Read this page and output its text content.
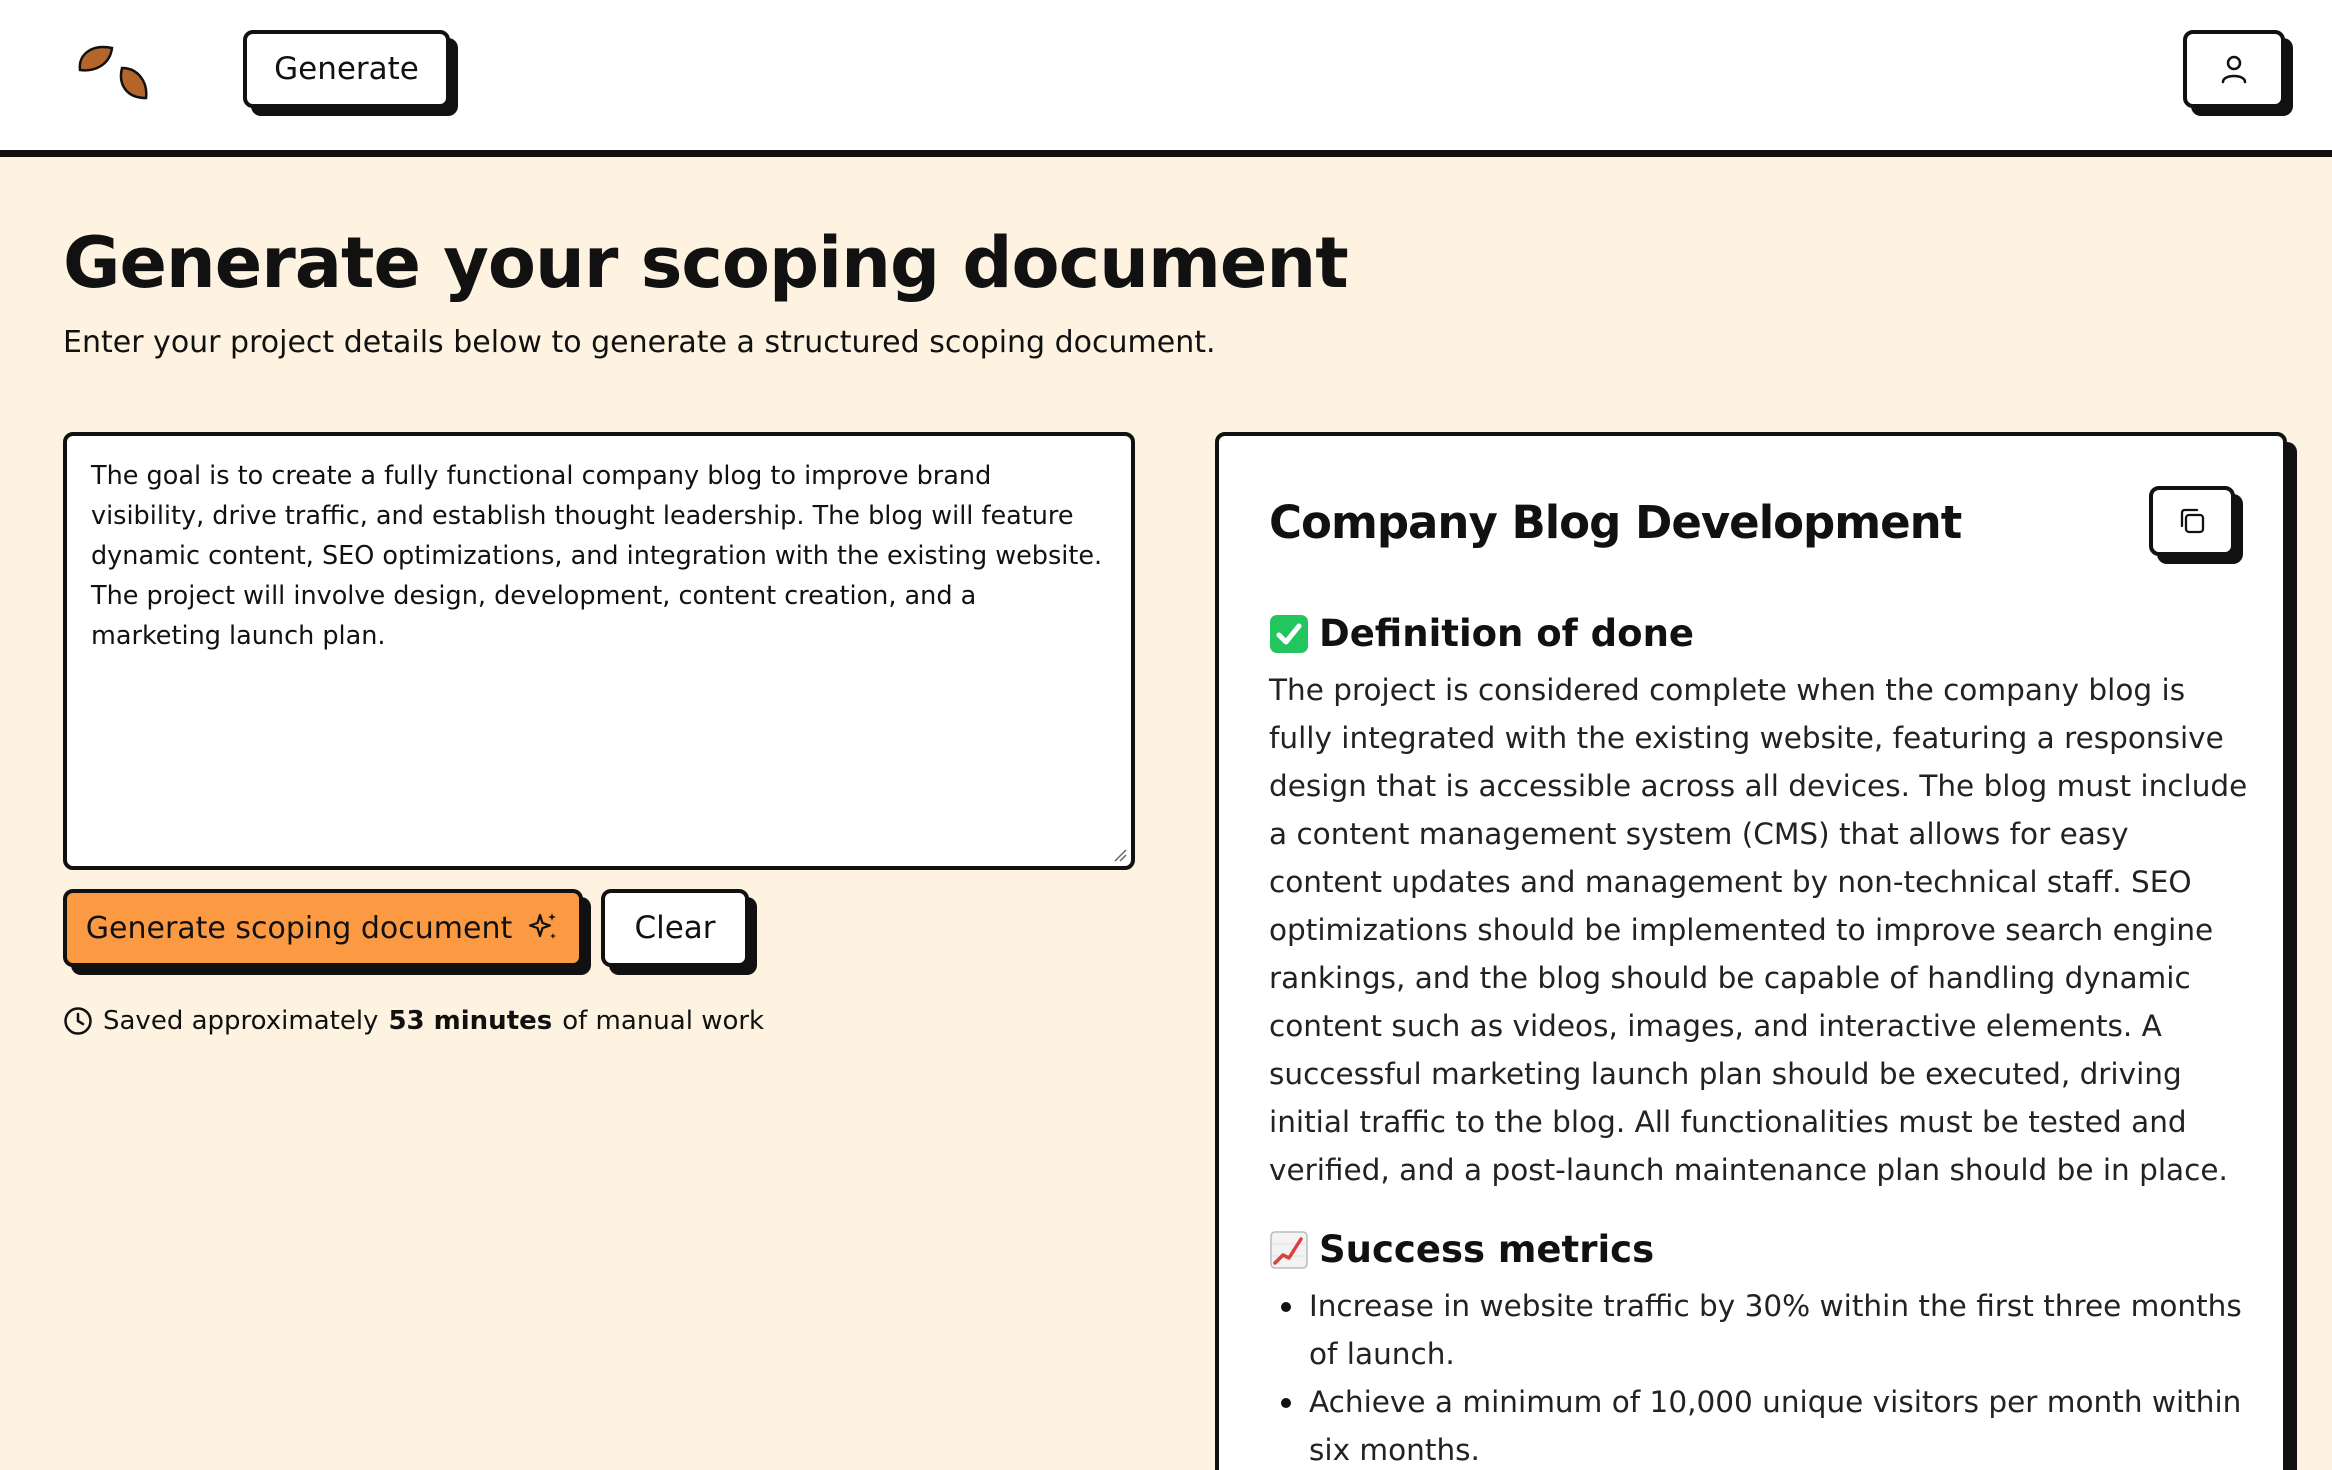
Generate
Generate your scoping document

Enter your project details below to generate a structured scoping document.

The goal is to create a fully functional company blog to improve brand visibility, drive traffic, and establish thought leadership. The blog will feature dynamic content, SEO optimizations, and integration with the existing website. The project will involve design, development, content creation, and a marketing launch plan.
Generate scoping document	Clear
Saved approximately 53 minutes of manual work
Company Blog Development
Definition of done

The project is considered complete when the company blog is fully integrated with the existing website, featuring a responsive design that is accessible across all devices. The blog must include a content management system (CMS) that allows for easy content updates and management by non-technical staff. SEO optimizations should be implemented to improve search engine rankings, and the blog should be capable of handling dynamic content such as videos, images, and interactive elements. A successful marketing launch plan should be executed, driving initial traffic to the blog. All functionalities must be tested and verified, and a post-launch maintenance plan should be in place.

Success metrics
Increase in website traffic by 30% within the first three months of launch.
Achieve a minimum of 10,000 unique visitors per month within six months.
